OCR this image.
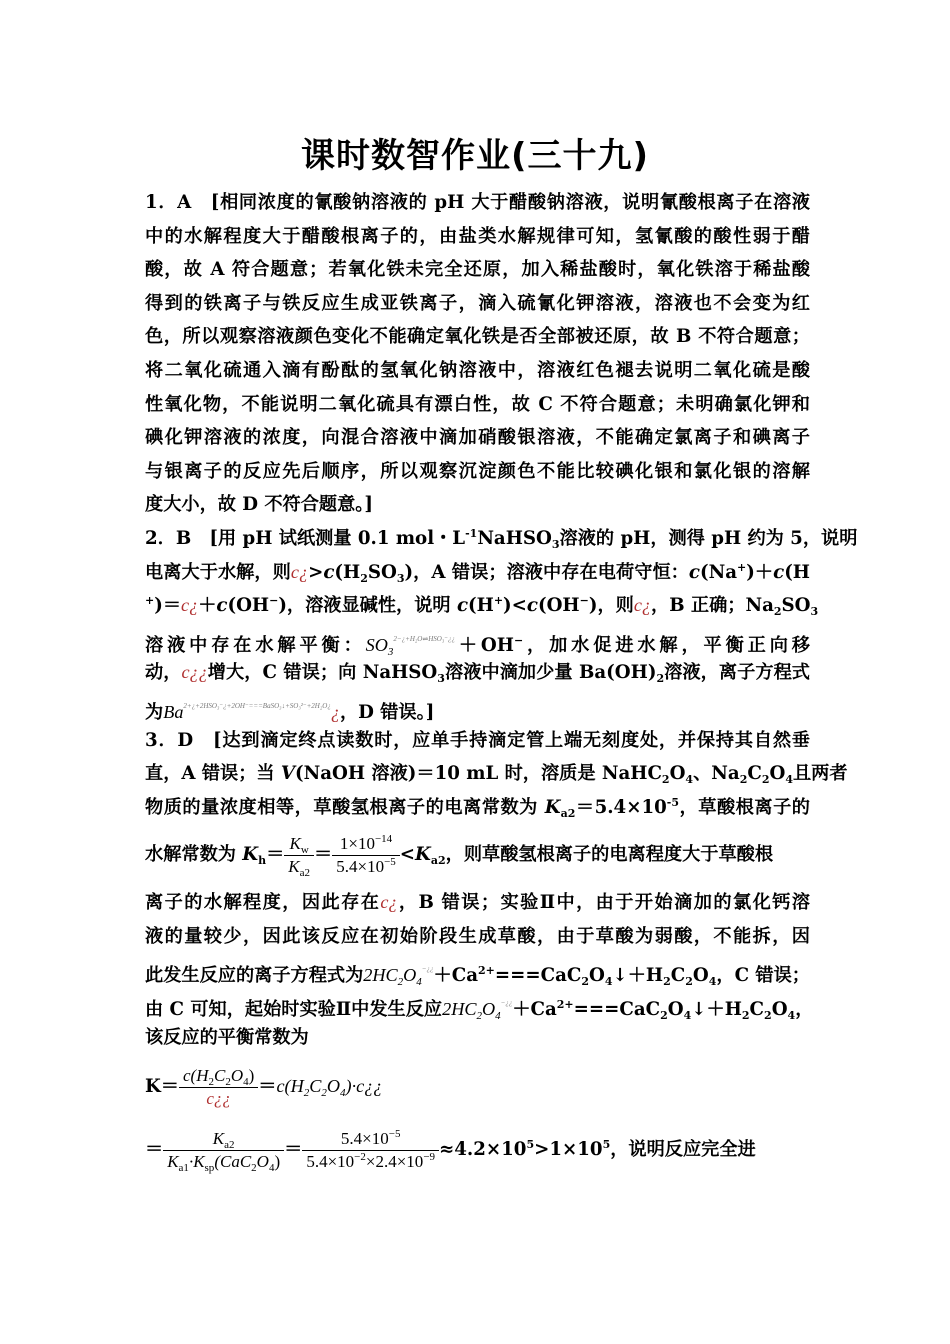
课时数智作业(三十九)
1．A　[相同浓度的氰酸钠溶液的 pH 大于醋酸钠溶液，说明氰酸根离子在溶液
中的水解程度大于醋酸根离子的，由盐类水解规律可知，氢氰酸的酸性弱于醋
酸，故 A 符合题意；若氧化铁未完全还原，加入稀盐酸时，氧化铁溶于稀盐酸
得到的铁离子与铁反应生成亚铁离子，滴入硫氰化钾溶液，溶液也不会变为红
色，所以观察溶液颜色变化不能确定氧化铁是否全部被还原，故 B 不符合题意；
将二氧化硫通入滴有酚酞的氢氧化钠溶液中，溶液红色褪去说明二氧化硫是酸
性氧化物，不能说明二氧化硫具有漂白性，故 C 不符合题意；未明确氯化钾和
碘化钾溶液的浓度，向混合溶液中滴加硝酸银溶液，不能确定氯离子和碘离子
与银离子的反应先后顺序，所以观察沉淀颜色不能比较碘化银和氯化银的溶解
度大小，故 D 不符合题意。]
2．B　[用 pH 试纸测量 0.1 mol・$L^{-1}NaHSO_3$溶液的 pH，测得 pH 约为 5，说明
电离大于水解，则$c¿>c(H_2SO_3)$，A 错误；溶液中存在电荷守恒：c(Na+)＋c(H
+)＝c¿＋c(OH−)，溶液显碱性，说明 c(H+)<c(OH−)，则c¿，B 正确；$Na_2SO_3$
溶液中存在水解平衡：$SO_3^{2-¿+H_2O\rightleftharpoons HSO_3^-¿¿}+OH^-$，加水促进水解，平衡正向移
动，c¿¿增大，C 错误；向 NaHSO$_3$溶液中滴加少量 $Ba(OH)_2$溶液，离子方程式
为$Ba^{2+¿+2HSO_3^-¿+2OH^-===BaSO_3↓+SO_3^{2-}+2H_2O¿}¿$，D 错误。]
3．D　[达到滴定终点读数时，应单手持滴定管上端无刻度处，并保持其自然垂
直，A 错误；当 V(NaOH 溶液)＝10 mL 时，溶质是 $NaHC_2O_4$、$Na_2C_2O_4$且两者
物质的量浓度相等，草酸氢根离子的电离常数为 $K_{a2}=5.4\times 10^{-5}$，草酸根离子的
水解常数为 $K_h= \frac{K_w}{K_{a2}} = \frac{1\times 10^{-14}}{5.4\times 10^{-5}} <K_{a2}$，则草酸氢根离子的电离程度大于草酸根
离子的水解程度，因此存在c¿，B 错误；实验Ⅱ中，由于开始滴加的氯化钙溶
液的量较少，因此该反应在初始阶段生成草酸，由于草酸为弱酸，不能拆，因
此发生反应的离子方程式为$2HC_2O_4^{-¿¿}+Ca^{2+}===CaC_2O_4↓+H_2C_2O_4$，C 错误；
由 C 可知，起始时实验Ⅱ中发生反应$2HC_2O_4^{-¿¿}+Ca^{2+}===CaC_2O_4↓+H_2C_2O_4$，
该反应的平衡常数为
$K= \frac{c(H_2C_2O_4)}{c¿¿}$ $=c(H_2C_2O_4)\cdot c¿¿$
＝ $\frac{K_{a2}}{K_{a1}\cdot K_{sp}(CaC_2O_4)} = \frac{5.4\times 10^{-5}}{5.4\times 10^{-2}\times 2.4\times 10^{-9}} \approx 4.2\times 10^5>1\times 10^5$，说明反应完全进
